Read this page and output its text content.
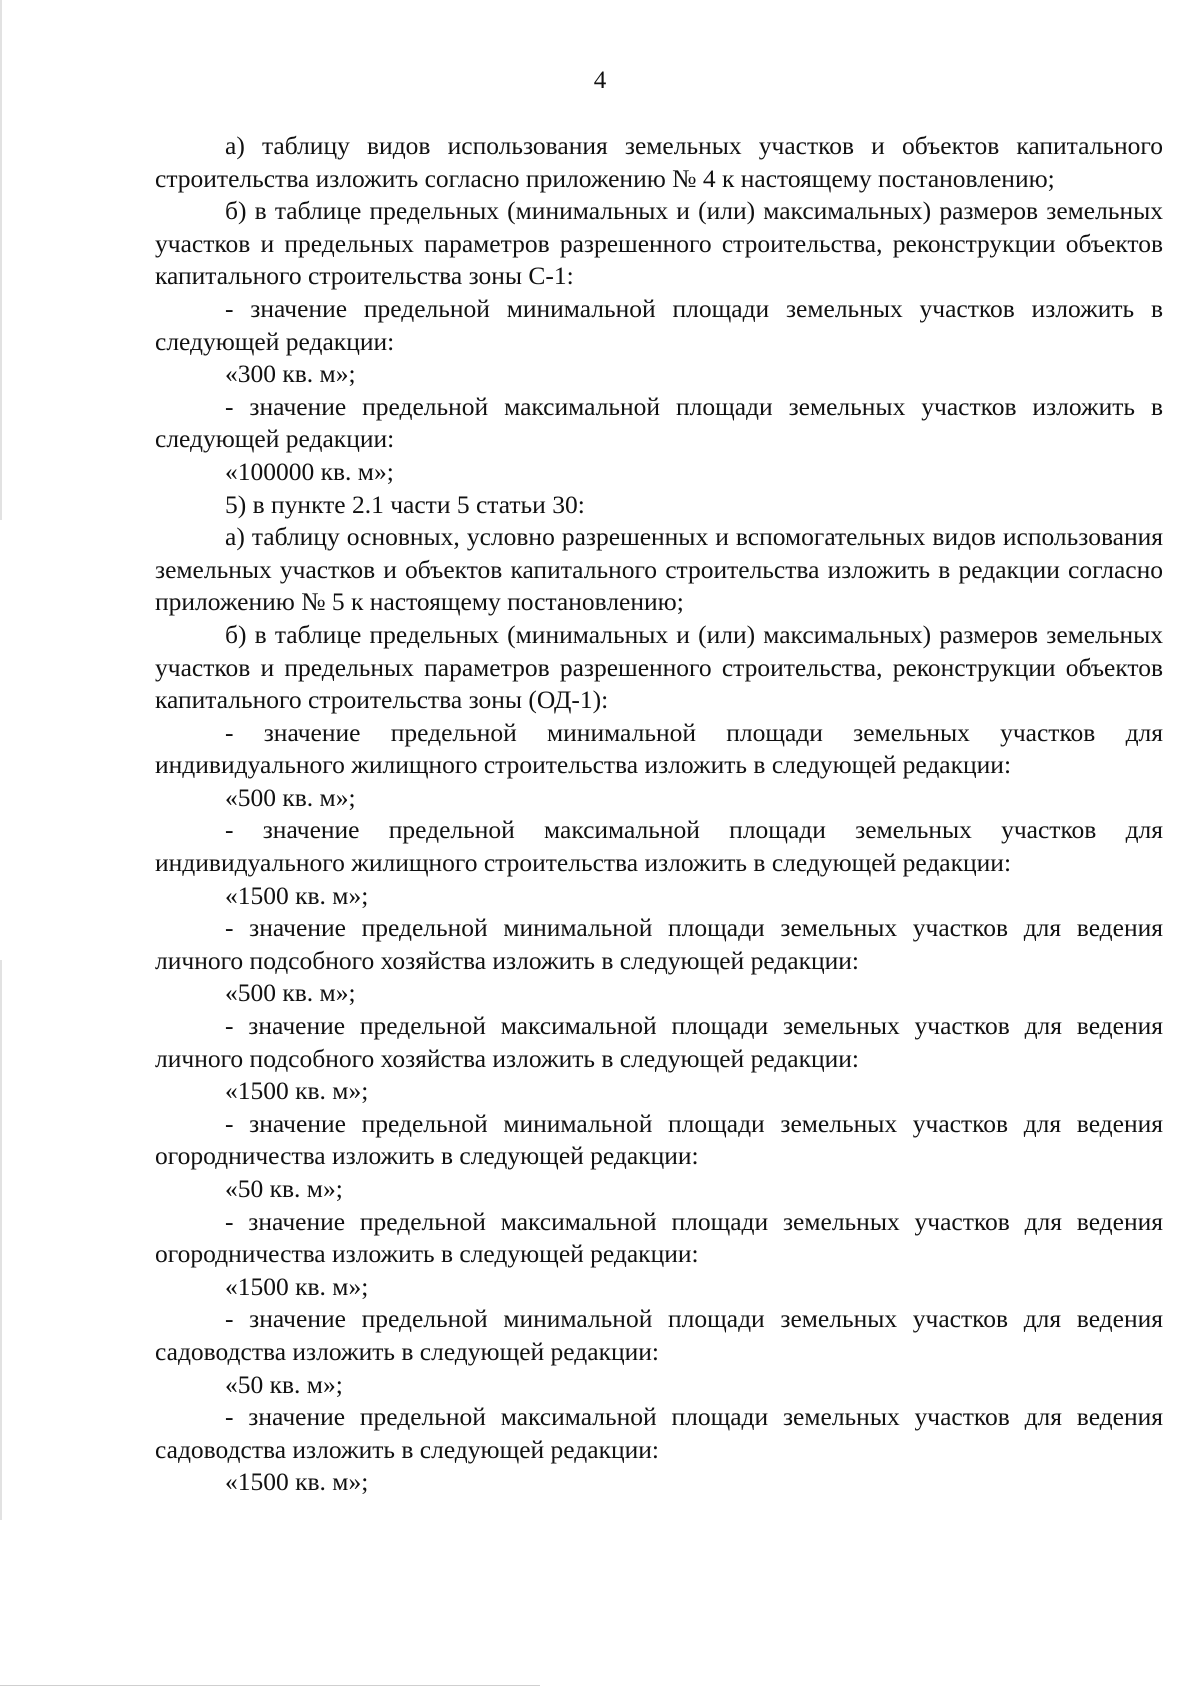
4

а) таблицу видов использования земельных участков и объектов капитального строительства изложить согласно приложению № 4 к настоящему постановлению;

б) в таблице предельных (минимальных и (или) максимальных) размеров земельных участков и предельных параметров разрешенного строительства, реконструкции объектов капитального строительства зоны С-1:

- значение предельной минимальной площади земельных участков изложить в следующей редакции:

«300 кв. м»;

- значение предельной максимальной площади земельных участков изложить в следующей редакции:

«100000 кв. м»;

5) в пункте 2.1 части 5 статьи 30:

а) таблицу основных, условно разрешенных и вспомогательных видов использования земельных участков и объектов капитального строительства изложить в редакции согласно приложению № 5 к настоящему постановлению;

б) в таблице предельных (минимальных и (или) максимальных) размеров земельных участков и предельных параметров разрешенного строительства, реконструкции объектов капитального строительства зоны (ОД-1):

- значение предельной минимальной площади земельных участков для индивидуального жилищного строительства изложить в следующей редакции:

«500 кв. м»;

- значение предельной максимальной площади земельных участков для индивидуального жилищного строительства изложить в следующей редакции:

«1500 кв. м»;

- значение предельной минимальной площади земельных участков для ведения личного подсобного хозяйства изложить в следующей редакции:

«500 кв. м»;

- значение предельной максимальной площади земельных участков для ведения личного подсобного хозяйства изложить в следующей редакции:

«1500 кв. м»;

- значение предельной минимальной площади земельных участков для ведения огородничества изложить в следующей редакции:

«50 кв. м»;

- значение предельной максимальной площади земельных участков для ведения огородничества изложить в следующей редакции:

«1500 кв. м»;

- значение предельной минимальной площади земельных участков для ведения садоводства изложить в следующей редакции:

«50 кв. м»;

- значение предельной максимальной площади земельных участков для ведения садоводства изложить в следующей редакции:

«1500 кв. м»;
